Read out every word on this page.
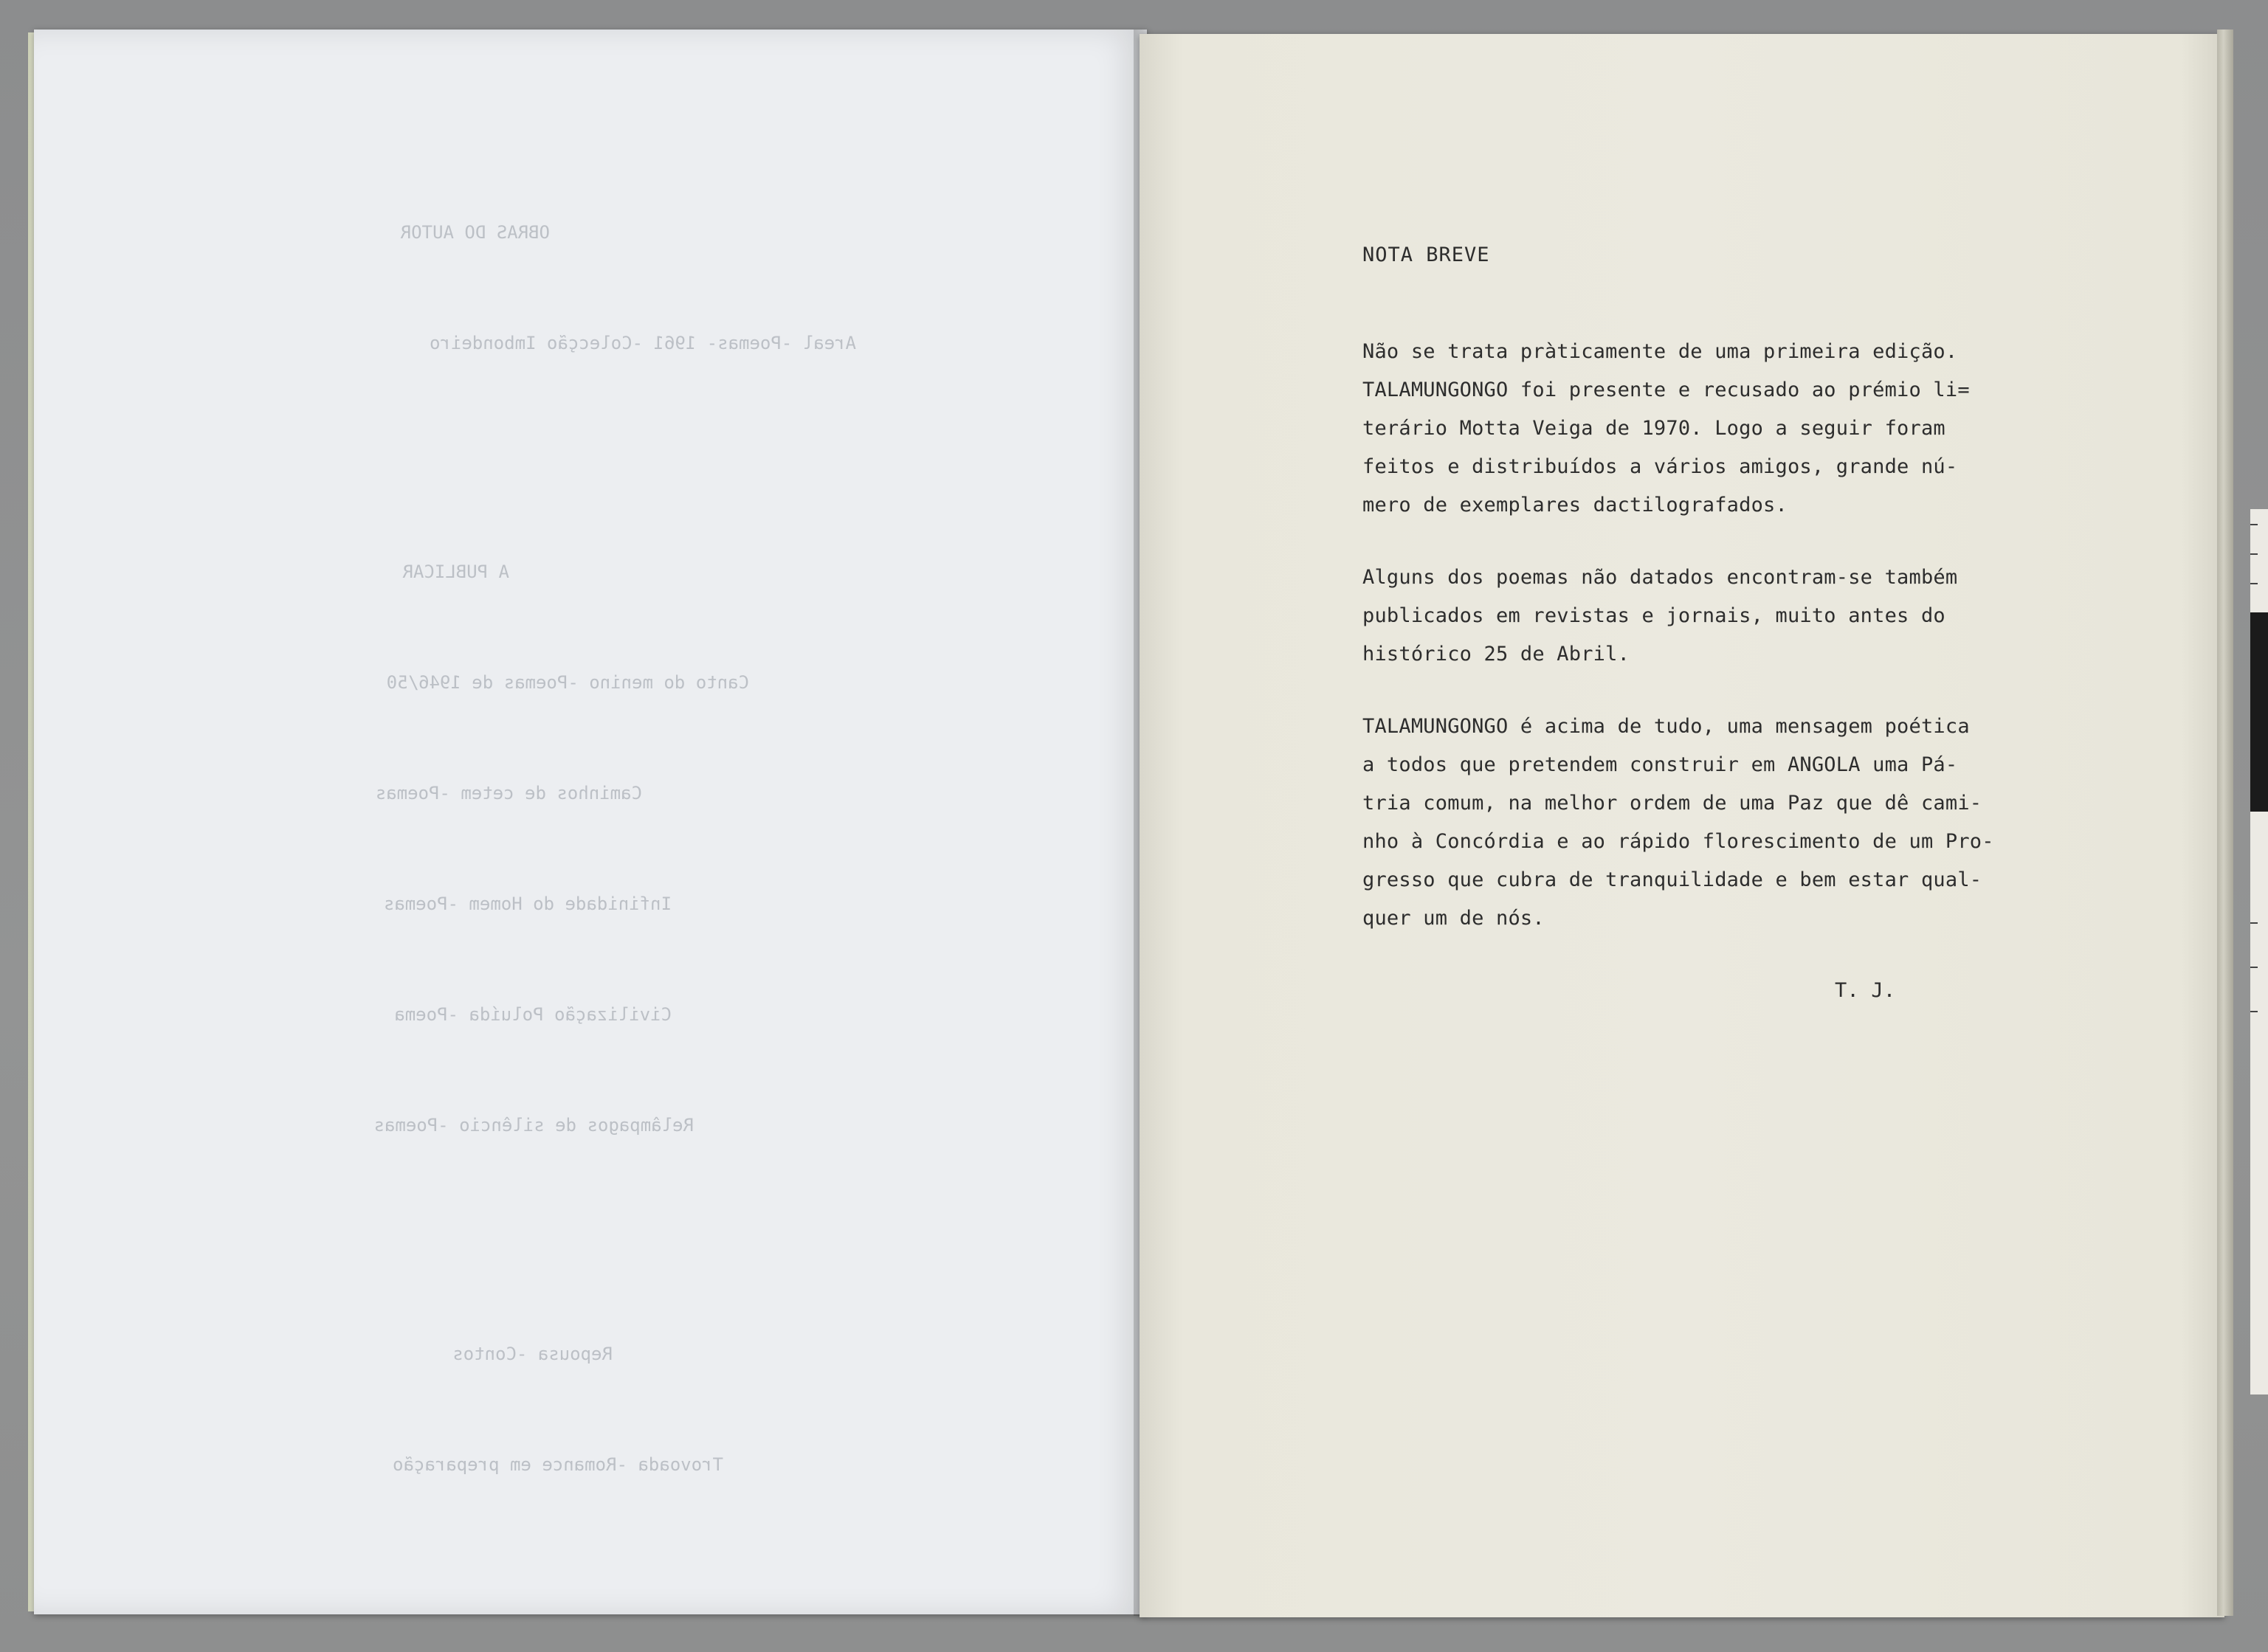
OBRAS DO AUTOR

Areal -Poemas- 1961 -Colecção Imbondeiro

A PUBLICAR

Canto do menino -Poemas de 1946/50

Caminhos de cetem -Poemas

Infinidade do Homem -Poemas

Civilização Poluída -Poema

Relâmpagos de silêncio -Poemas

Repousa -Contos

Trovoada -Romance em preparação

NOTA BREVE

Não se trata pràticamente de uma primeira edição.
TALAMUNGONGO foi presente e recusado ao prémio li=
terário Motta Veiga de 1970. Logo a seguir foram
feitos e distribuídos a vários amigos, grande nú-
mero de exemplares dactilografados.

Alguns dos poemas não datados encontram-se também
publicados em revistas e jornais, muito antes do
histórico 25 de Abril.

TALAMUNGONGO é acima de tudo, uma mensagem poética
a todos que pretendem construir em ANGOLA uma Pá-
tria comum, na melhor ordem de uma Paz que dê cami-
nho à Concórdia e ao rápido florescimento de um Pro-
gresso que cubra de tranquilidade e bem estar qual-
quer um de nós.

T. J.
